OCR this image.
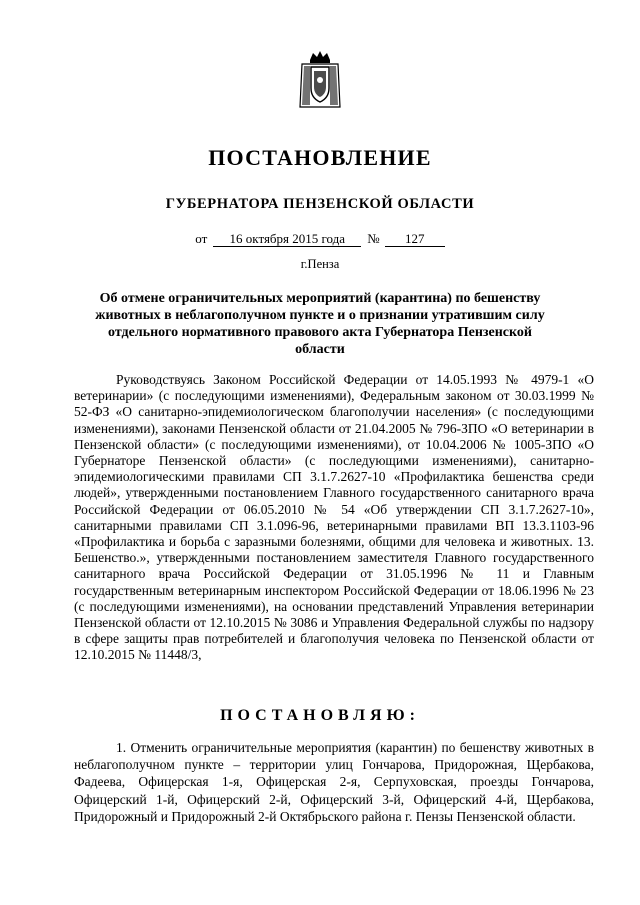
ПОСТАНОВЛЕНИЕ
ГУБЕРНАТОРА ПЕНЗЕНСКОЙ ОБЛАСТИ
от 16 октября 2015 года № 127
г.Пенза
Об отмене ограничительных мероприятий (карантина) по бешенству животных в неблагополучном пункте и о признании утратившим силу отдельного нормативного правового акта Губернатора Пензенской области
Руководствуясь Законом Российской Федерации от 14.05.1993 № 4979-1 «О ветеринарии» (с последующими изменениями), Федеральным законом от 30.03.1999 № 52-ФЗ «О санитарно-эпидемиологическом благополучии населения» (с последующими изменениями), законами Пензенской области от 21.04.2005 № 796-ЗПО «О ветеринарии в Пензенской области» (с последующими изменениями), от 10.04.2006 № 1005-ЗПО «О Губернаторе Пензенской области» (с последующими изменениями), санитарно-эпидемиологическими правилами СП 3.1.7.2627-10 «Профилактика бешенства среди людей», утвержденными постановлением Главного государственного санитарного врача Российской Федерации от 06.05.2010 № 54 «Об утверждении СП 3.1.7.2627-10», санитарными правилами СП 3.1.096-96, ветеринарными правилами ВП 13.3.1103-96 «Профилактика и борьба с заразными болезнями, общими для человека и животных. 13. Бешенство.», утвержденными постановлением заместителя Главного государственного санитарного врача Российской Федерации от 31.05.1996 № 11 и Главным государственным ветеринарным инспектором Российской Федерации от 18.06.1996 № 23 (с последующими изменениями), на основании представлений Управления ветеринарии Пензенской области от 12.10.2015 № 3086 и Управления Федеральной службы по надзору в сфере защиты прав потребителей и благополучия человека по Пензенской области от 12.10.2015 № 11448/3,
ПОСТАНОВЛЯЮ:
1. Отменить ограничительные мероприятия (карантин) по бешенству животных в неблагополучном пункте – территории улиц Гончарова, Придорожная, Щербакова, Фадеева, Офицерская 1-я, Офицерская 2-я, Серпуховская, проезды Гончарова, Офицерский 1-й, Офицерский 2-й, Офицерский 3-й, Офицерский 4-й, Щербакова, Придорожный и Придорожный 2-й Октябрьского района г. Пензы Пензенской области.
